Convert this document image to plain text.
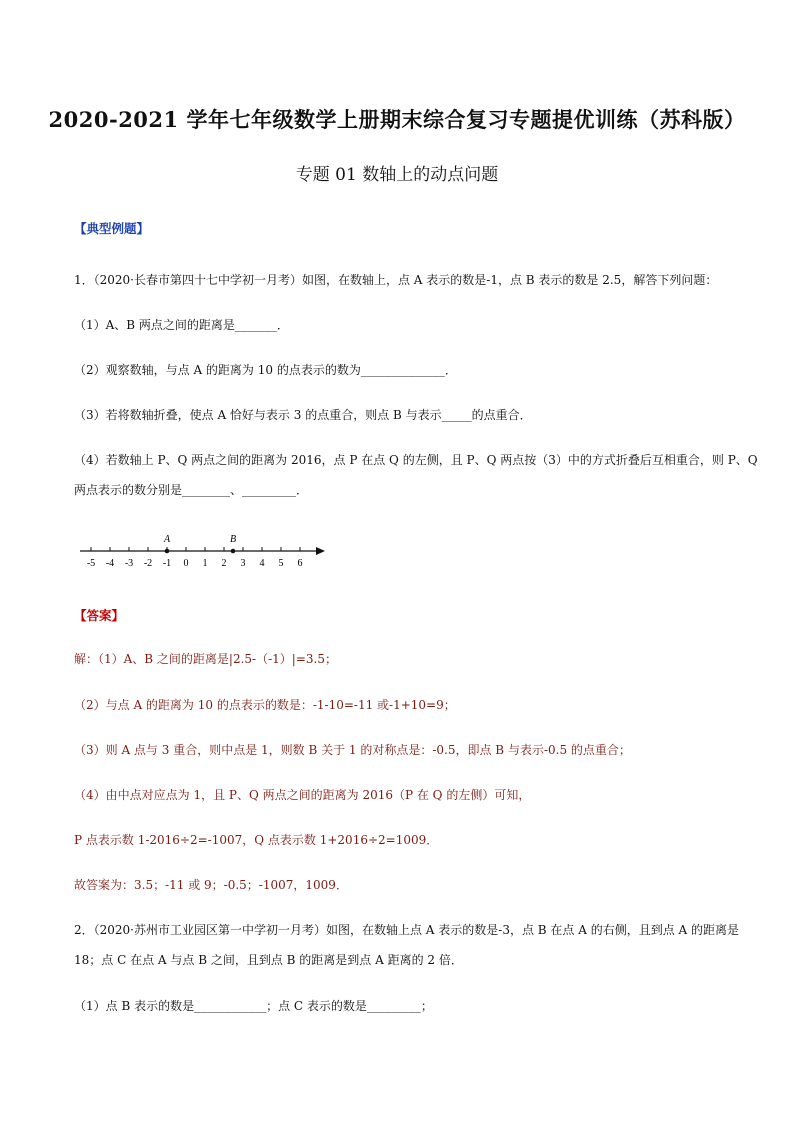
2020-2021 学年七年级数学上册期末综合复习专题提优训练（苏科版）
专题 01 数轴上的动点问题
【典型例题】
1．（2020·长春市第四十七中学初一月考）如图，在数轴上，点 A 表示的数是-1，点 B 表示的数是 2.5，解答下列问题：
（1）A、B 两点之间的距离是_______．
（2）观察数轴，与点 A 的距离为 10 的点表示的数为______________．
（3）若将数轴折叠，使点 A 恰好与表示 3 的点重合，则点 B 与表示_____的点重合．
（4）若数轴上 P、Q 两点之间的距离为 2016，点 P 在点 Q 的左侧，且 P、Q 两点按（3）中的方式折叠后互相重合，则 P、Q
两点表示的数分别是________、_________．
-5 -4 -3 -2 -1 0 1 2 3 4 5 6
A	B
【答案】
解：（1）A、B 之间的距离是|2.5-（-1）|=3.5；
（2）与点 A 的距离为 10 的点表示的数是：-1-10=-11 或-1+10=9；
（3）则 A 点与 3 重合，则中点是 1，则数 B 关于 1 的对称点是：-0.5，即点 B 与表示-0.5 的点重合；
（4）由中点对应点为 1，且 P、Q 两点之间的距离为 2016（P 在 Q 的左侧）可知，
P 点表示数 1-2016÷2=-1007，Q 点表示数 1+2016÷2=1009．
故答案为：3.5；-11 或 9；-0.5；-1007，1009．
2．（2020·苏州市工业园区第一中学初一月考）如图，在数轴上点 A 表示的数是-3，点 B 在点 A 的右侧，且到点 A 的距离是
18；点 C 在点 A 与点 B 之间，且到点 B 的距离是到点 A 距离的 2 倍．
（1）点 B 表示的数是____________；点 C 表示的数是_________；
